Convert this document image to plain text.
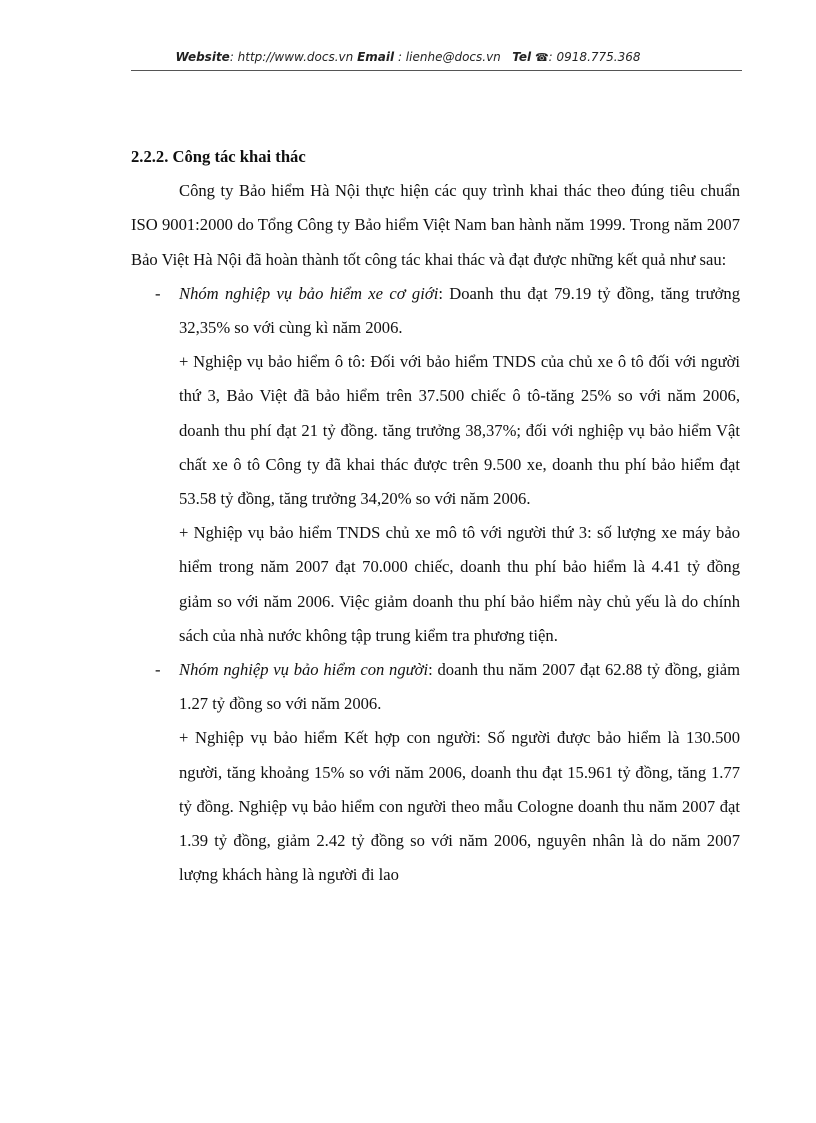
Website: http://www.docs.vn Email : lienhe@docs.vn Tel ☎: 0918.775.368
2.2.2. Công tác khai thác

Công ty Bảo hiểm Hà Nội thực hiện các quy trình khai thác theo đúng tiêu chuẩn ISO 9001:2000 do Tổng Công ty Bảo hiểm Việt Nam ban hành năm 1999. Trong năm 2007 Bảo Việt Hà Nội đã hoàn thành tốt công tác khai thác và đạt được những kết quả như sau:

- Nhóm nghiệp vụ bảo hiểm xe cơ giới: Doanh thu đạt 79.19 tỷ đồng, tăng trưởng 32,35% so với cùng kì năm 2006.
+ Nghiệp vụ bảo hiểm ô tô: Đối với bảo hiểm TNDS của chủ xe ô tô đối với người thứ 3, Bảo Việt đã bảo hiểm trên 37.500 chiếc ô tô-tăng 25% so với năm 2006, doanh thu phí đạt 21 tỷ đồng. tăng trưởng 38,37%; đối với nghiệp vụ bảo hiểm Vật chất xe ô tô Công ty đã khai thác được trên 9.500 xe, doanh thu phí bảo hiểm đạt 53.58 tỷ đồng, tăng trưởng 34,20% so với năm 2006.
+ Nghiệp vụ bảo hiểm TNDS chủ xe mô tô với người thứ 3: số lượng xe máy bảo hiểm trong năm 2007 đạt 70.000 chiếc, doanh thu phí bảo hiểm là 4.41 tỷ đồng giảm so với năm 2006. Việc giảm doanh thu phí bảo hiểm này chủ yếu là do chính sách của nhà nước không tập trung kiểm tra phương tiện.
- Nhóm nghiệp vụ bảo hiểm con người: doanh thu năm 2007 đạt 62.88 tỷ đồng, giảm 1.27 tỷ đồng so với năm 2006.
+ Nghiệp vụ bảo hiểm Kết hợp con người: Số người được bảo hiểm là 130.500 người, tăng khoảng 15% so với năm 2006, doanh thu đạt 15.961 tỷ đồng, tăng 1.77 tỷ đồng. Nghiệp vụ bảo hiểm con người theo mẫu Cologne doanh thu năm 2007 đạt 1.39 tỷ đồng, giảm 2.42 tỷ đồng so với năm 2006, nguyên nhân là do năm 2007 lượng khách hàng là người đi lao
